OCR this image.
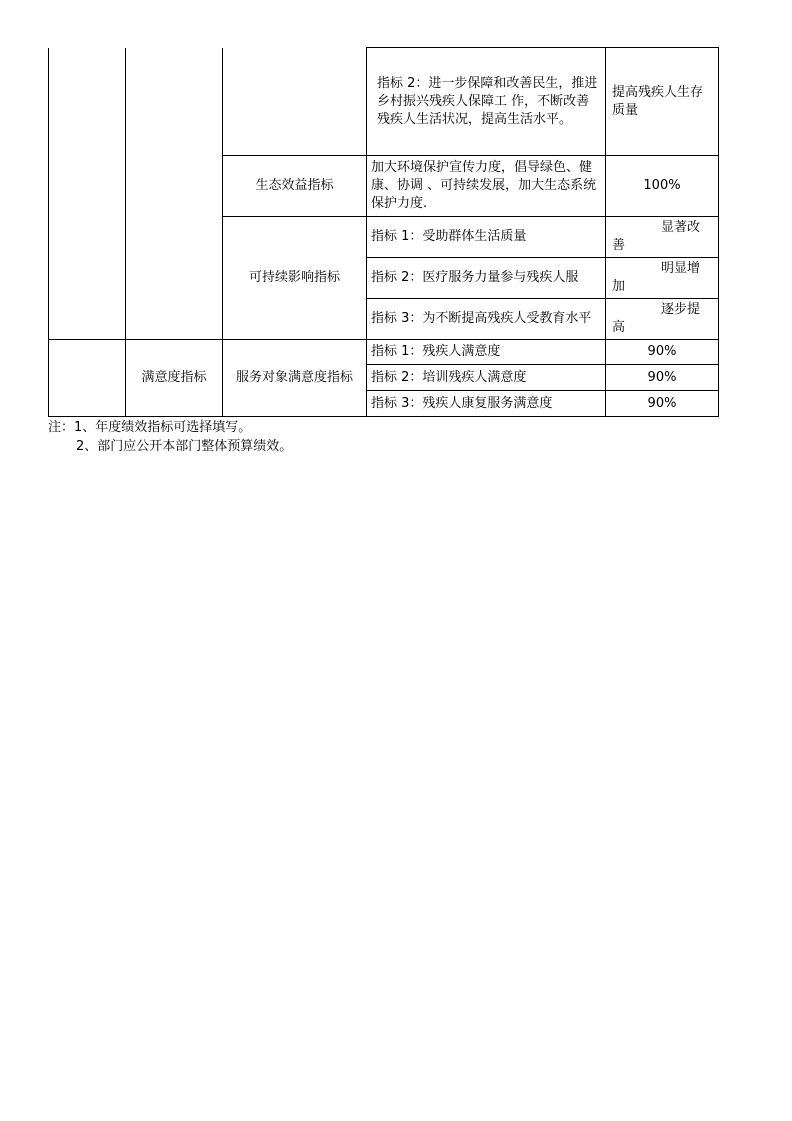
			指标 2：进一步保障和改善民生，推进乡村振兴残疾人保障工 作，不断改善残疾人生活状况，提高生活水平。	提高残疾人生存质量
		生态效益指标	加大环境保护宣传力度，倡导绿色、健康、协调 、可持续发展，加大生态系统保护力度.	100%
		可持续影响指标	指标 1：受助群体生活质量	显著改
善

			指标 2：医疗服务力量参与残疾人服	明显增
加

			指标 3：为不断提高残疾人受教育水平	逐步提
高

	满意度指标	服务对象满意度指标	指标 1：残疾人满意度	90%
			指标 2：培训残疾人满意度	90%
			指标 3：残疾人康复服务满意度	90%
注：1、年度绩效指标可选择填写。
2、部门应公开本部门整体预算绩效。
